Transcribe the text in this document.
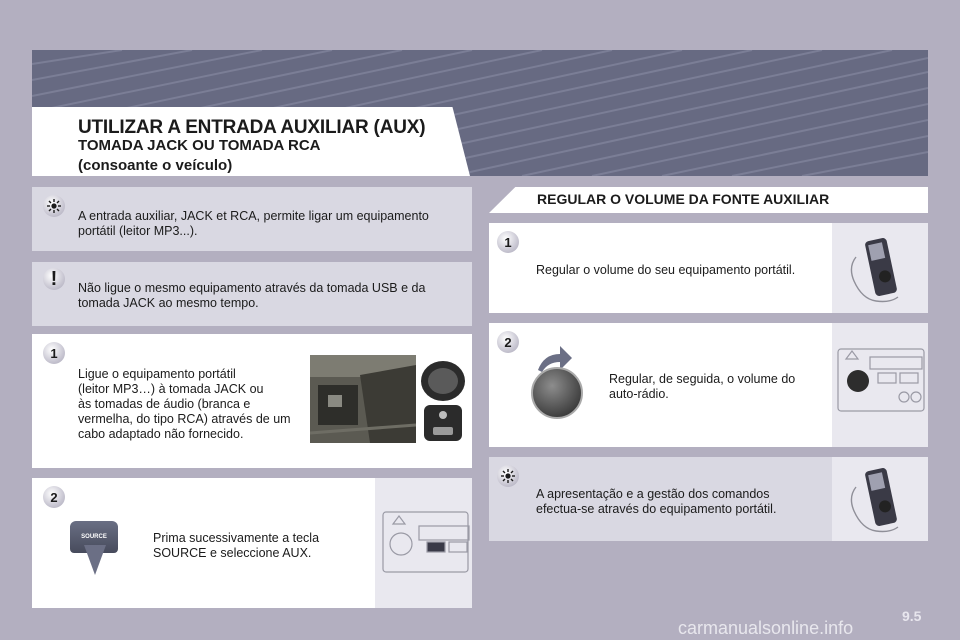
UTILIZAR A ENTRADA AUXILIAR (AUX)
TOMADA JACK OU TOMADA RCA
(consoante o veículo)
A entrada auxiliar, JACK et RCA, permite ligar um equipamento portátil (leitor MP3...).
!	Não ligue o mesmo equipamento através da tomada USB e da tomada JACK ao mesmo tempo.
1
Ligue o equipamento portátil
(leitor MP3…) à tomada JACK ou
às tomadas de áudio (branca e
vermelha, do tipo RCA) através de um
cabo adaptado não fornecido.
2
SOURCE	Prima sucessivamente a tecla
SOURCE e seleccione AUX.
REGULAR O VOLUME DA FONTE AUXILIAR
1
Regular o volume do seu equipamento portátil.
2
Regular, de seguida, o volume do
auto-rádio.
A apresentação e a gestão dos comandos
efectua-se através do equipamento portátil.
carmanualsonline.info
9.5
